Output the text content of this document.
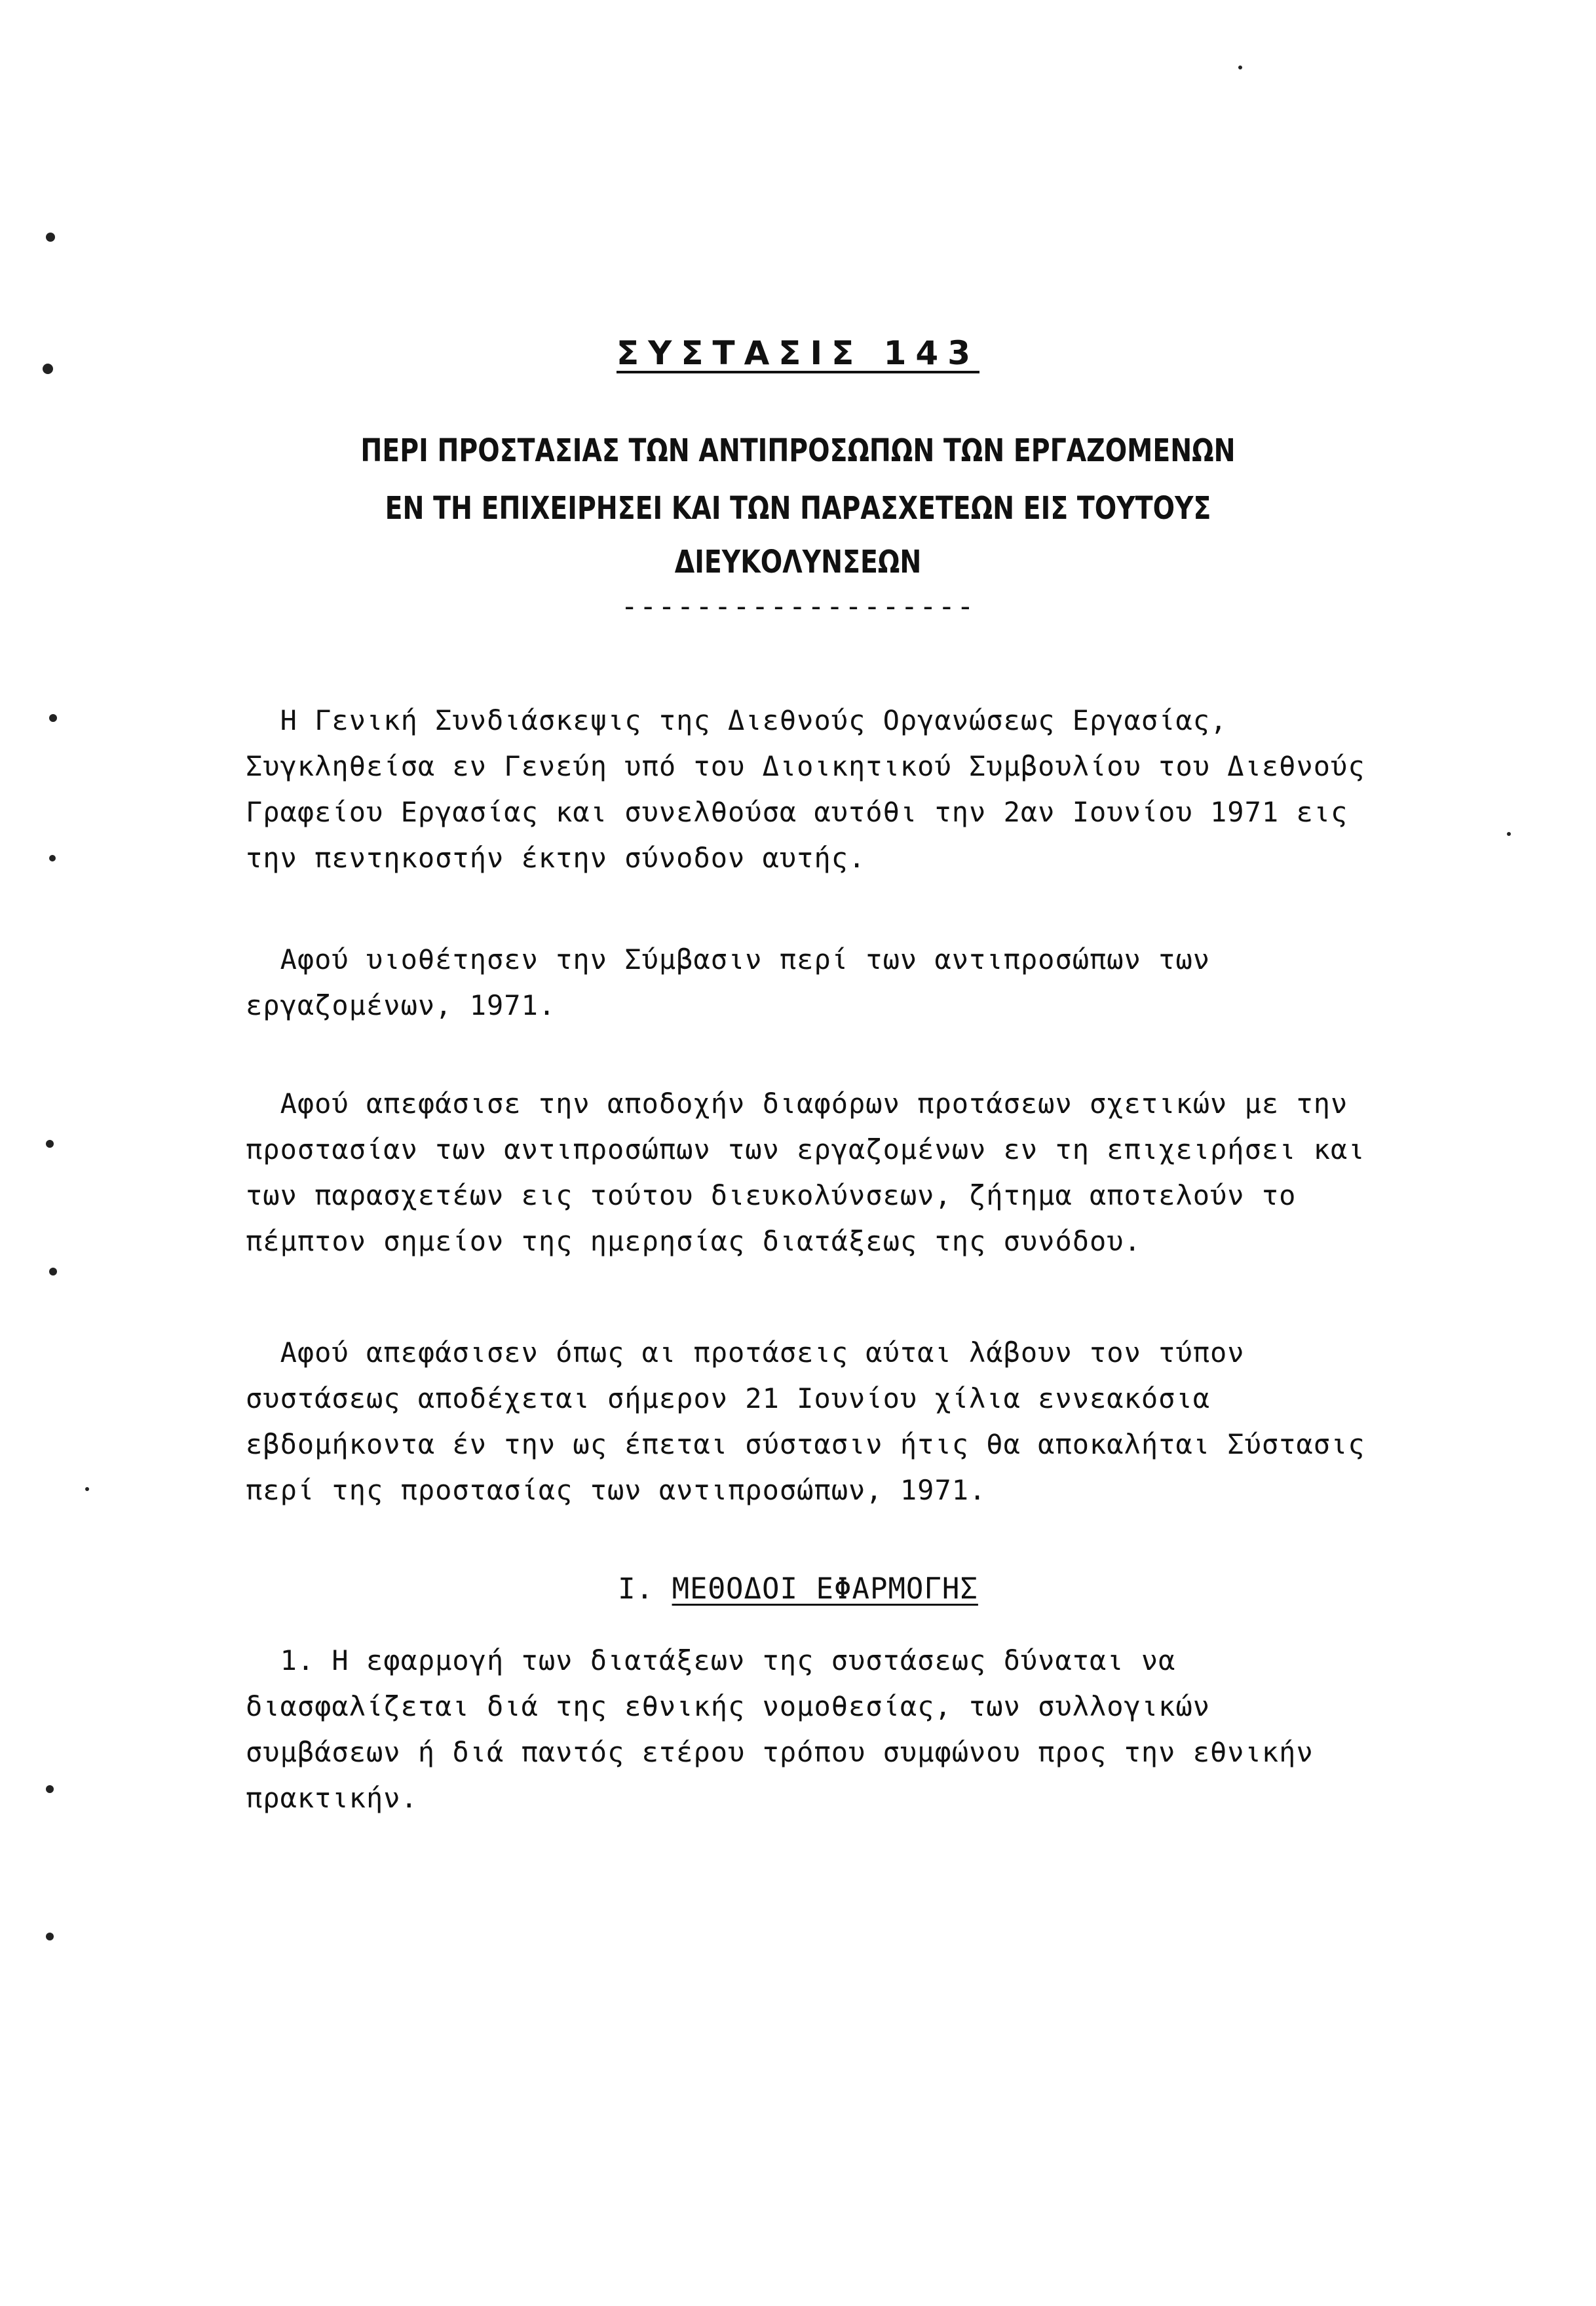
ΣΥΣΤΑΣΙΣ 143
ΠΕΡΙ ΠΡΟΣΤΑΣΙΑΣ ΤΩΝ ΑΝΤΙΠΡΟΣΩΠΩΝ ΤΩΝ ΕΡΓΑΖΟΜΕΝΩΝ
ΕΝ ΤΗ ΕΠΙΧΕΙΡΗΣΕΙ ΚΑΙ ΤΩΝ ΠΑΡΑΣΧΕΤΕΩΝ ΕΙΣ ΤΟΥΤΟΥΣ
ΔΙΕΥΚΟΛΥΝΣΕΩΝ
-------------------
Η Γενική Συνδιάσκεψις της Διεθνούς Οργανώσεως Εργασίας,
Συγκληθείσα εν Γενεύη υπό του Διοικητικού Συμβουλίου του Διεθνούς
Γραφείου Εργασίας και συνελθούσα αυτόθι την 2αν Ιουνίου 1971 εις
την πεντηκοστήν έκτην σύνοδον αυτής.
Αφού υιοθέτησεν την Σύμβασιν περί των αντιπροσώπων των
εργαζομένων, 1971.
Αφού απεφάσισε την αποδοχήν διαφόρων προτάσεων σχετικών με την
προστασίαν των αντιπροσώπων των εργαζομένων εν τη επιχειρήσει και
των παρασχετέων εις τούτου διευκολύνσεων, ζήτημα αποτελούν το
πέμπτον σημείον της ημερησίας διατάξεως της συνόδου.
Αφού απεφάσισεν όπως αι προτάσεις αύται λάβουν τον τύπον
συστάσεως αποδέχεται σήμερον 21 Ιουνίου χίλια εννεακόσια
εβδομήκοντα έν την ως έπεται σύστασιν ήτις θα αποκαλήται Σύστασις
περί της προστασίας των αντιπροσώπων, 1971.
I. ΜΕΘΟΔΟΙ ΕΦΑΡΜΟΓΗΣ
1. Η εφαρμογή των διατάξεων της συστάσεως δύναται να
διασφαλίζεται διά της εθνικής νομοθεσίας, των συλλογικών
συμβάσεων ή διά παντός ετέρου τρόπου συμφώνου προς την εθνικήν
πρακτικήν.
